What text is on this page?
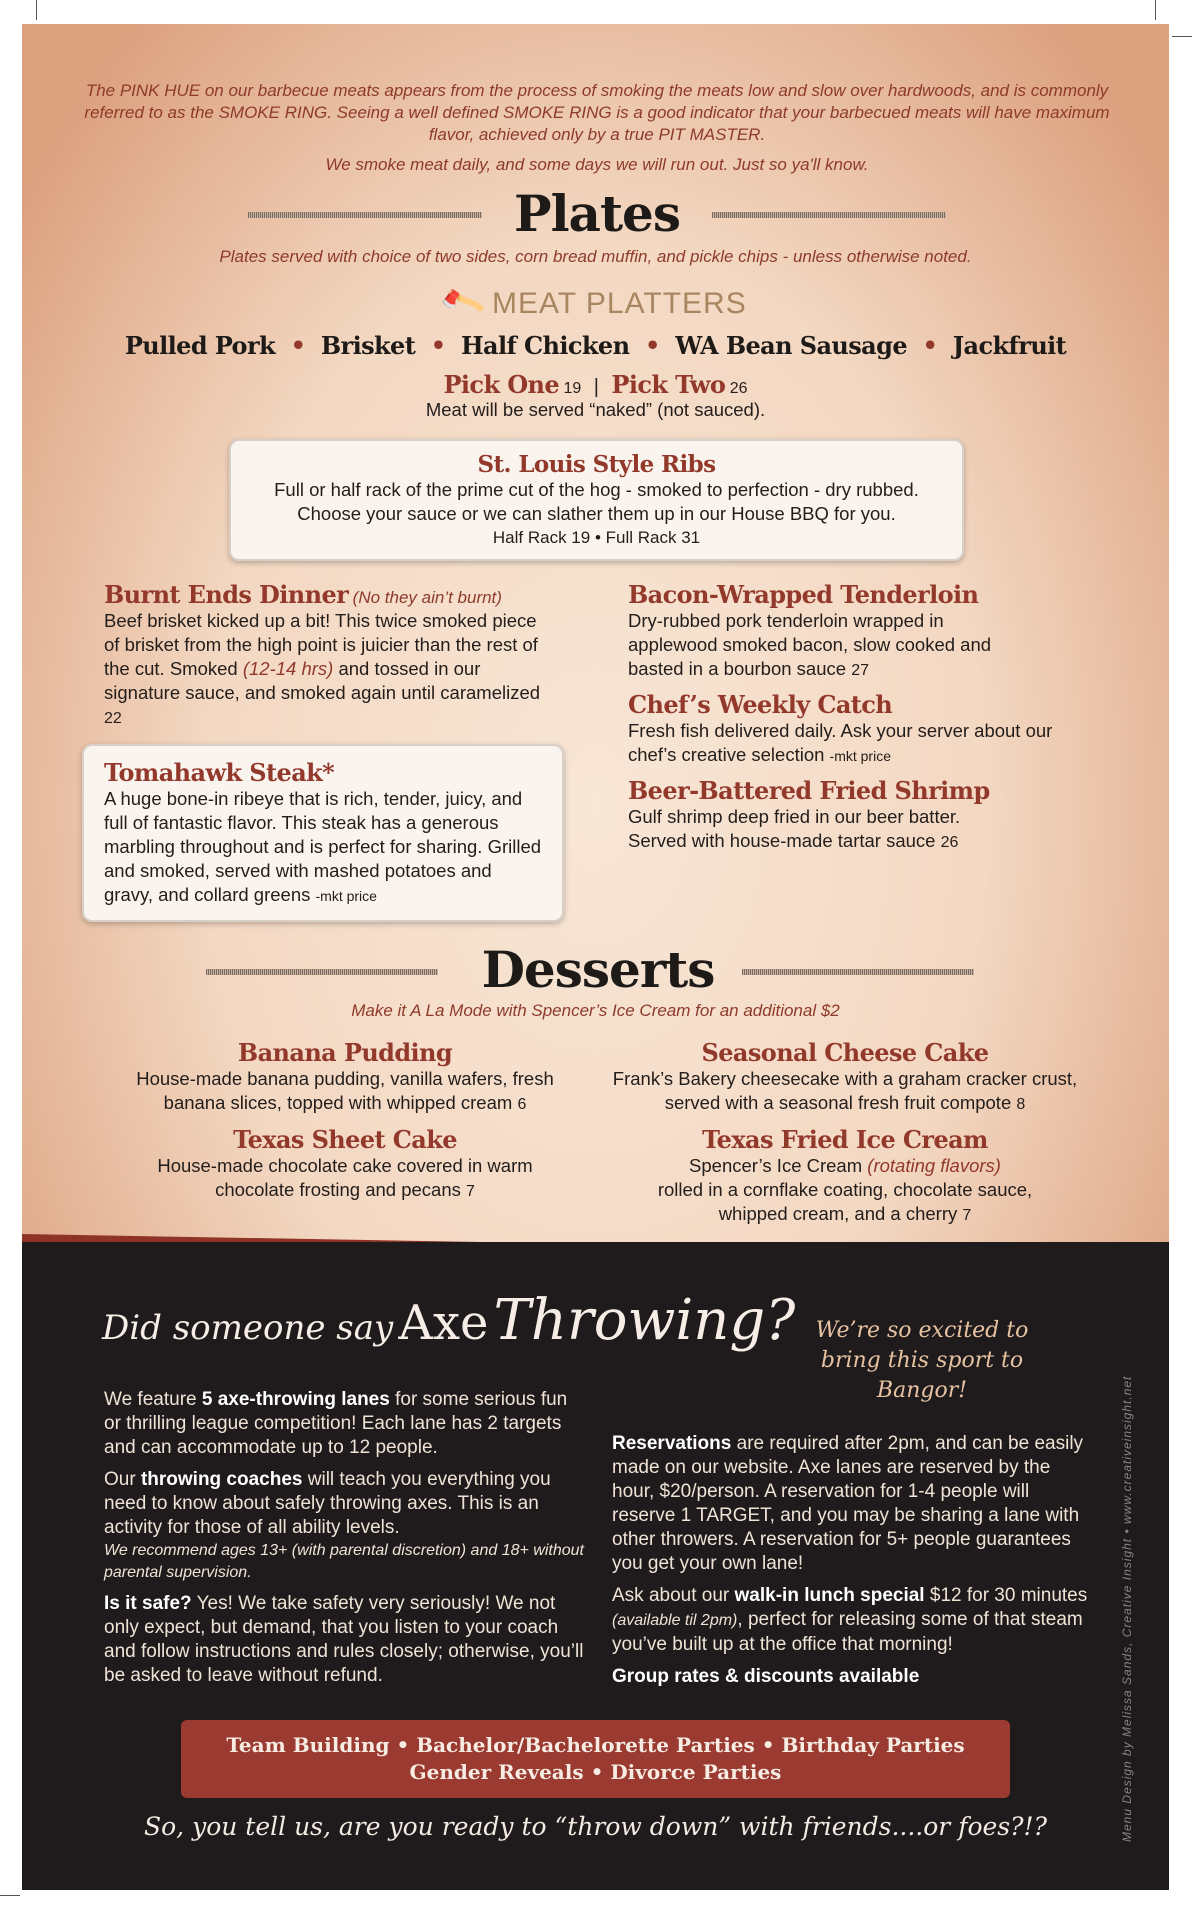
The PINK HUE on our barbecue meats appears from the process of smoking the meats low and slow over hardwoods, and is commonly referred to as the SMOKE RING. Seeing a well defined SMOKE RING is a good indicator that your barbecued meats will have maximum flavor, achieved only by a true PIT MASTER.
We smoke meat daily, and some days we will run out. Just so ya'll know.
Plates
Plates served with choice of two sides, corn bread muffin, and pickle chips - unless otherwise noted.
🪓 MEAT PLATTERS
Pulled Pork  •  Brisket  •  Half Chicken  •  WA Bean Sausage  •  Jackfruit
Pick One 19 | Pick Two 26
Meat will be served “naked” (not sauced).
St. Louis Style Ribs
Full or half rack of the prime cut of the hog - smoked to perfection - dry rubbed.
Choose your sauce or we can slather them up in our House BBQ for you.
Half Rack 19 • Full Rack 31
Burnt Ends Dinner (No they ain’t burnt)
Beef brisket kicked up a bit! This twice smoked piece of brisket from the high point is juicier than the rest of the cut. Smoked (12-14 hrs) and tossed in our signature sauce, and smoked again until caramelized 22
Tomahawk Steak*
A huge bone-in ribeye that is rich, tender, juicy, and full of fantastic flavor. This steak has a generous marbling throughout and is perfect for sharing. Grilled and smoked, served with mashed potatoes and gravy, and collard greens -mkt price
Bacon-Wrapped Tenderloin
Dry-rubbed pork tenderloin wrapped in applewood smoked bacon, slow cooked and basted in a bourbon sauce 27
Chef’s Weekly Catch
Fresh fish delivered daily. Ask your server about our chef’s creative selection -mkt price
Beer-Battered Fried Shrimp
Gulf shrimp deep fried in our beer batter. Served with house-made tartar sauce 26
Desserts
Make it A La Mode with Spencer’s Ice Cream for an additional $2
Banana Pudding
House-made banana pudding, vanilla wafers, fresh banana slices, topped with whipped cream 6
Seasonal Cheese Cake
Frank’s Bakery cheesecake with a graham cracker crust, served with a seasonal fresh fruit compote 8
Texas Sheet Cake
House-made chocolate cake covered in warm chocolate frosting and pecans 7
Texas Fried Ice Cream
Spencer’s Ice Cream (rotating flavors)
rolled in a cornflake coating, chocolate sauce, whipped cream, and a cherry 7
Did someone say Axe Throwing? We’re so excited to bring this sport to Bangor!

We feature 5 axe-throwing lanes for some serious fun or thrilling league competition! Each lane has 2 targets and can accommodate up to 12 people.

Our throwing coaches will teach you everything you need to know about safely throwing axes. This is an activity for those of all ability levels.

We recommend ages 13+ (with parental discretion) and 18+ without parental supervision.

Is it safe? Yes! We take safety very seriously! We not only expect, but demand, that you listen to your coach and follow instructions and rules closely; otherwise, you’ll be asked to leave without refund.

Reservations are required after 2pm, and can be easily made on our website. Axe lanes are reserved by the hour, $20/person. A reservation for 1-4 people will reserve 1 TARGET, and you may be sharing a lane with other throwers. A reservation for 5+ people guarantees you get your own lane!

Ask about our walk-in lunch special $12 for 30 minutes (available til 2pm), perfect for releasing some of that steam you’ve built up at the office that morning!

Group rates & discounts available

Team Building • Bachelor/Bachelorette Parties • Birthday Parties
Gender Reveals • Divorce Parties
So, you tell us, are you ready to “throw down” with friends....or foes?!?	Menu Design by Melissa Sands, Creative Insight • www.creativeinsight.net
